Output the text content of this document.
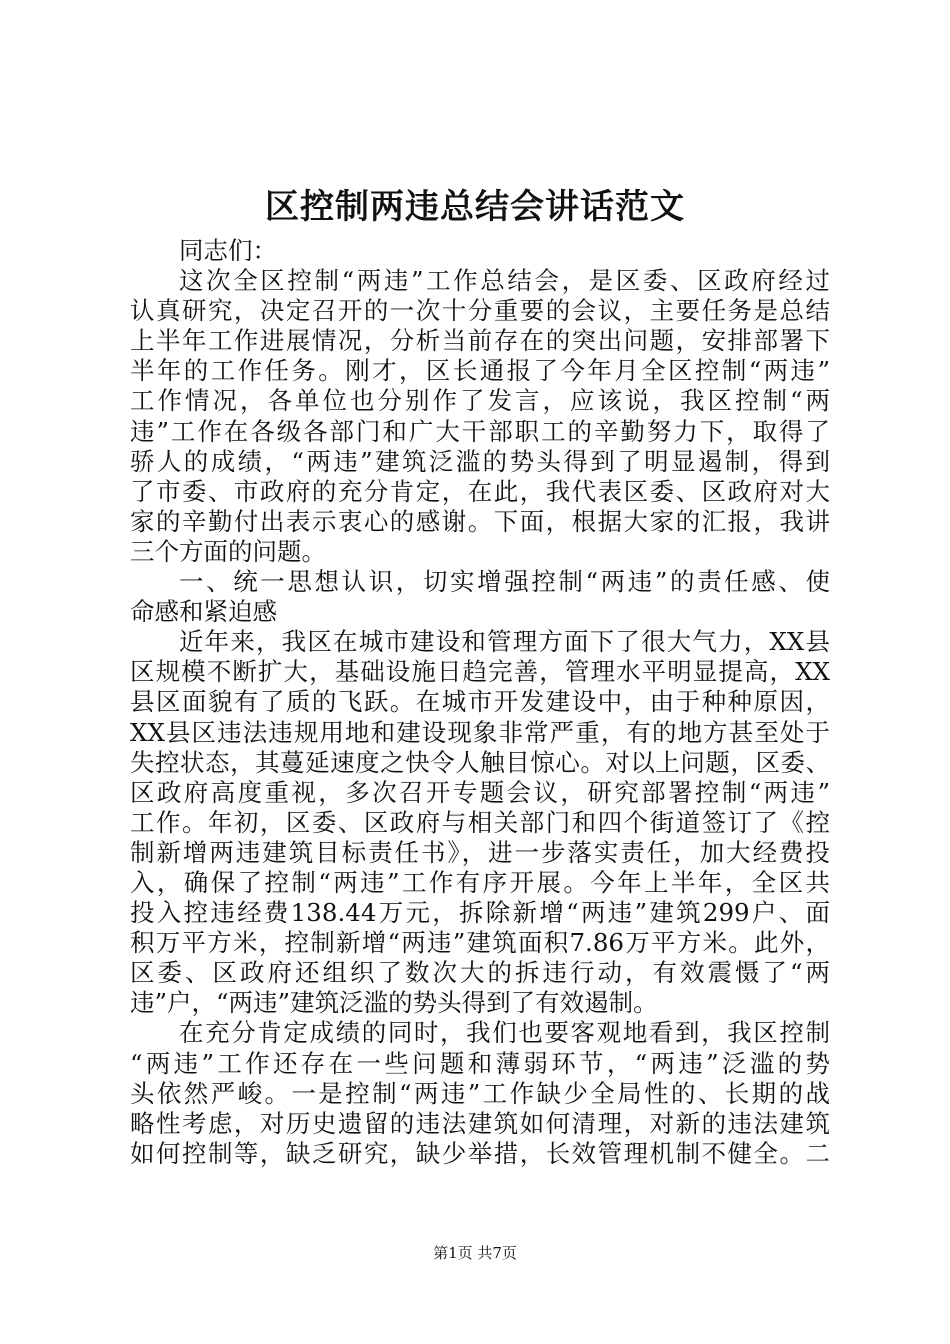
区控制两违总结会讲话范文
同志们：
这次全区控制“两违”工作总结会，是区委、区政府经过
认真研究，决定召开的一次十分重要的会议，主要任务是总结
上半年工作进展情况，分析当前存在的突出问题，安排部署下
半年的工作任务。刚才，区长通报了今年月全区控制“两违”
工作情况，各单位也分别作了发言，应该说，我区控制“两
违”工作在各级各部门和广大干部职工的辛勤努力下，取得了
骄人的成绩，“两违”建筑泛滥的势头得到了明显遏制，得到
了市委、市政府的充分肯定，在此，我代表区委、区政府对大
家的辛勤付出表示衷心的感谢。下面，根据大家的汇报，我讲
三个方面的问题。
一、统一思想认识，切实增强控制“两违”的责任感、使
命感和紧迫感
近年来，我区在城市建设和管理方面下了很大气力，XX县
区规模不断扩大，基础设施日趋完善，管理水平明显提高，XX
县区面貌有了质的飞跃。在城市开发建设中，由于种种原因，
XX县区违法违规用地和建设现象非常严重，有的地方甚至处于
失控状态，其蔓延速度之快令人触目惊心。对以上问题，区委、
区政府高度重视，多次召开专题会议，研究部署控制“两违”
工作。年初，区委、区政府与相关部门和四个街道签订了《控
制新增两违建筑目标责任书》，进一步落实责任，加大经费投
入，确保了控制“两违”工作有序开展。今年上半年，全区共
投入控违经费138.44万元，拆除新增“两违”建筑299户、面
积万平方米，控制新增“两违”建筑面积7.86万平方米。此外，
区委、区政府还组织了数次大的拆违行动，有效震慑了“两
违”户，“两违”建筑泛滥的势头得到了有效遏制。
在充分肯定成绩的同时，我们也要客观地看到，我区控制
“两违”工作还存在一些问题和薄弱环节，“两违”泛滥的势
头依然严峻。一是控制“两违”工作缺少全局性的、长期的战
略性考虑，对历史遗留的违法建筑如何清理，对新的违法建筑
如何控制等，缺乏研究，缺少举措，长效管理机制不健全。二
第1页 共7页
